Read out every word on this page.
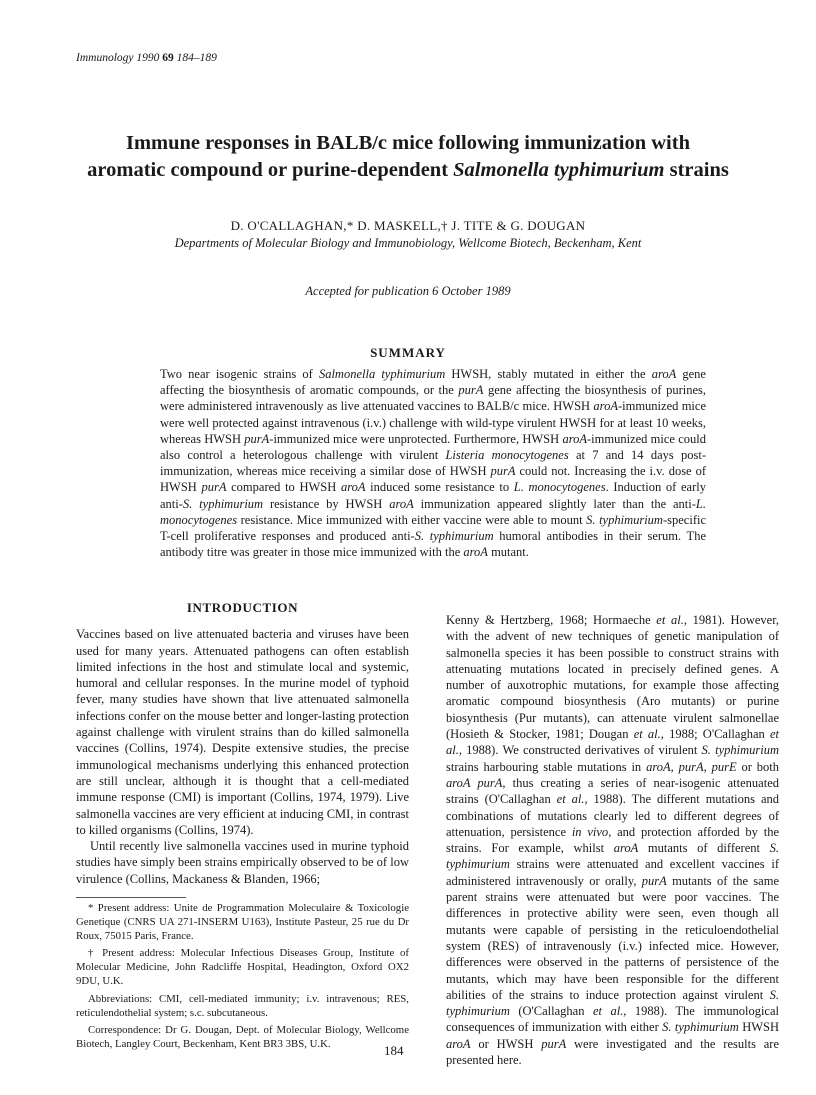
Immunology 1990 69 184–189
Immune responses in BALB/c mice following immunization with
aromatic compound or purine-dependent Salmonella typhimurium strains
D. O'CALLAGHAN,* D. MASKELL,† J. TITE & G. DOUGAN
Departments of Molecular Biology and Immunobiology, Wellcome Biotech, Beckenham, Kent
Accepted for publication 6 October 1989
SUMMARY

Two near isogenic strains of Salmonella typhimurium HWSH, stably mutated in either the aroA gene affecting the biosynthesis of aromatic compounds, or the purA gene affecting the biosynthesis of purines, were administered intravenously as live attenuated vaccines to BALB/c mice. HWSH aroA-immunized mice were well protected against intravenous (i.v.) challenge with wild-type virulent HWSH for at least 10 weeks, whereas HWSH purA-immunized mice were unprotected. Furthermore, HWSH aroA-immunized mice could also control a heterologous challenge with virulent Listeria monocytogenes at 7 and 14 days post-immunization, whereas mice receiving a similar dose of HWSH purA could not. Increasing the i.v. dose of HWSH purA compared to HWSH aroA induced some resistance to L. monocytogenes. Induction of early anti-S. typhimurium resistance by HWSH aroA immunization appeared slightly later than the anti-L. monocytogenes resistance. Mice immunized with either vaccine were able to mount S. typhimurium-specific T-cell proliferative responses and produced anti-S. typhimurium humoral antibodies in their serum. The antibody titre was greater in those mice immunized with the aroA mutant.

INTRODUCTION

Vaccines based on live attenuated bacteria and viruses have been used for many years. Attenuated pathogens can often establish limited infections in the host and stimulate local and systemic, humoral and cellular responses. In the murine model of typhoid fever, many studies have shown that live attenuated salmonella infections confer on the mouse better and longer-lasting protection against challenge with virulent strains than do killed salmonella vaccines (Collins, 1974). Despite extensive studies, the precise immunological mechanisms underlying this enhanced protection are still unclear, although it is thought that a cell-mediated immune response (CMI) is important (Collins, 1974, 1979). Live salmonella vaccines are very efficient at inducing CMI, in contrast to killed organisms (Collins, 1974).

Until recently live salmonella vaccines used in murine typhoid studies have simply been strains empirically observed to be of low virulence (Collins, Mackaness & Blanden, 1966;

* Present address: Unite de Programmation Moleculaire & Toxicologie Genetique (CNRS UA 271-INSERM U163), Institute Pasteur, 25 rue du Dr Roux, 75015 Paris, France.

† Present address: Molecular Infectious Diseases Group, Institute of Molecular Medicine, John Radcliffe Hospital, Headington, Oxford OX2 9DU, U.K.

Abbreviations: CMI, cell-mediated immunity; i.v. intravenous; RES, reticulendothelial system; s.c. subcutaneous.

Correspondence: Dr G. Dougan, Dept. of Molecular Biology, Wellcome Biotech, Langley Court, Beckenham, Kent BR3 3BS, U.K.

Kenny & Hertzberg, 1968; Hormaeche et al., 1981). However, with the advent of new techniques of genetic manipulation of salmonella species it has been possible to construct strains with attenuating mutations located in precisely defined genes. A number of auxotrophic mutations, for example those affecting aromatic compound biosynthesis (Aro mutants) or purine biosynthesis (Pur mutants), can attenuate virulent salmonellae (Hosieth & Stocker, 1981; Dougan et al., 1988; O'Callaghan et al., 1988). We constructed derivatives of virulent S. typhimurium strains harbouring stable mutations in aroA, purA, purE or both aroA purA, thus creating a series of near-isogenic attenuated strains (O'Callaghan et al., 1988). The different mutations and combinations of mutations clearly led to different degrees of attenuation, persistence in vivo, and protection afforded by the strains. For example, whilst aroA mutants of different S. typhimurium strains were attenuated and excellent vaccines if administered intravenously or orally, purA mutants of the same parent strains were attenuated but were poor vaccines. The differences in protective ability were seen, even though all mutants were capable of persisting in the reticuloendothelial system (RES) of intravenously (i.v.) infected mice. However, differences were observed in the patterns of persistence of the mutants, which may have been responsible for the different abilities of the strains to induce protection against virulent S. typhimurium (O'Callaghan et al., 1988). The immunological consequences of immunization with either S. typhimurium HWSH aroA or HWSH purA were investigated and the results are presented here.

184
